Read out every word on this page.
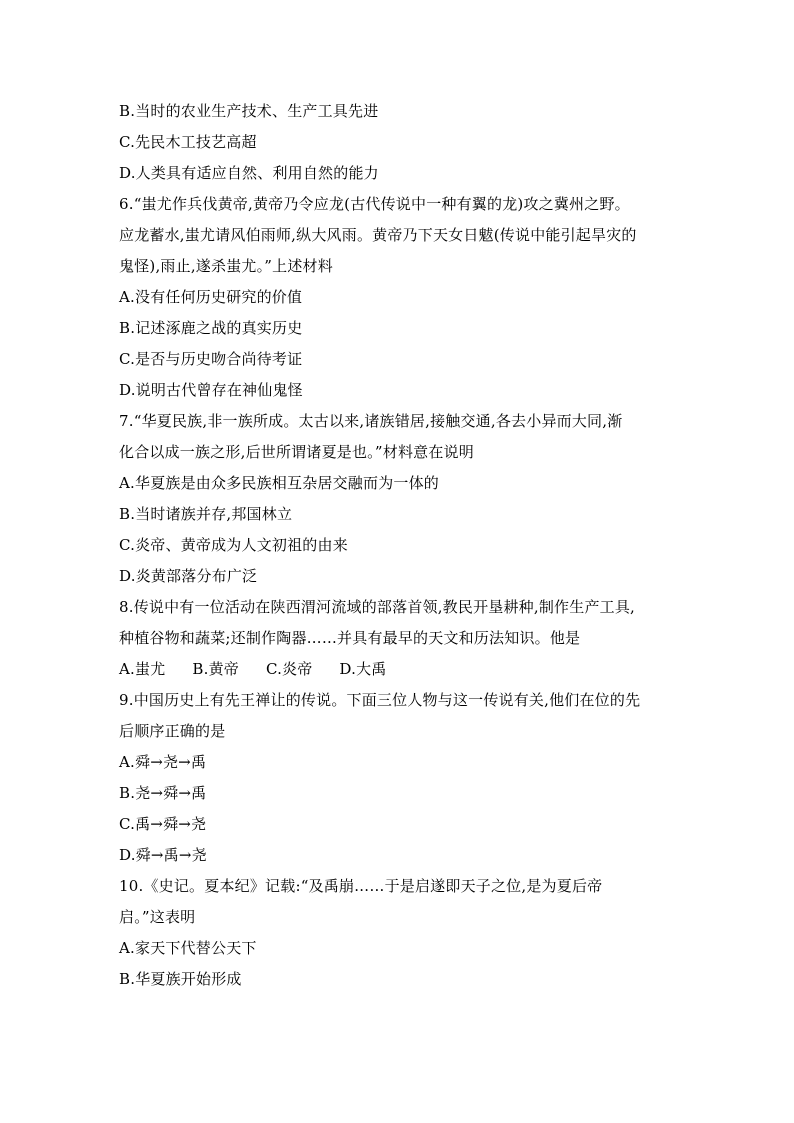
B.当时的农业生产技术、生产工具先进
C.先民木工技艺高超
D.人类具有适应自然、利用自然的能力
6.“蚩尤作兵伐黄帝,黄帝乃令应龙(古代传说中一种有翼的龙)攻之冀州之野。
应龙蓄水,蚩尤请风伯雨师,纵大风雨。黄帝乃下天女日魃(传说中能引起旱灾的
鬼怪),雨止,遂杀蚩尤。”上述材料
A.没有任何历史研究的价值
B.记述涿鹿之战的真实历史
C.是否与历史吻合尚待考证
D.说明古代曾存在神仙鬼怪
7.“华夏民族,非一族所成。太古以来,诸族错居,接触交通,各去小异而大同,渐
化合以成一族之形,后世所谓诸夏是也。”材料意在说明
A.华夏族是由众多民族相互杂居交融而为一体的
B.当时诸族并存,邦国林立
C.炎帝、黄帝成为人文初祖的由来
D.炎黄部落分布广泛
8.传说中有一位活动在陕西渭河流域的部落首领,教民开垦耕种,制作生产工具,
种植谷物和蔬菜;还制作陶器……并具有最早的天文和历法知识。他是
A.蚩尤 B.黄帝 C.炎帝 D.大禹
9.中国历史上有先王禅让的传说。下面三位人物与这一传说有关,他们在位的先
后顺序正确的是
A.舜→尧→禹
B.尧→舜→禹
C.禹→舜→尧
D.舜→禹→尧
10.《史记。夏本纪》记载:“及禹崩……于是启遂即天子之位,是为夏后帝
启。”这表明
A.家天下代替公天下
B.华夏族开始形成
